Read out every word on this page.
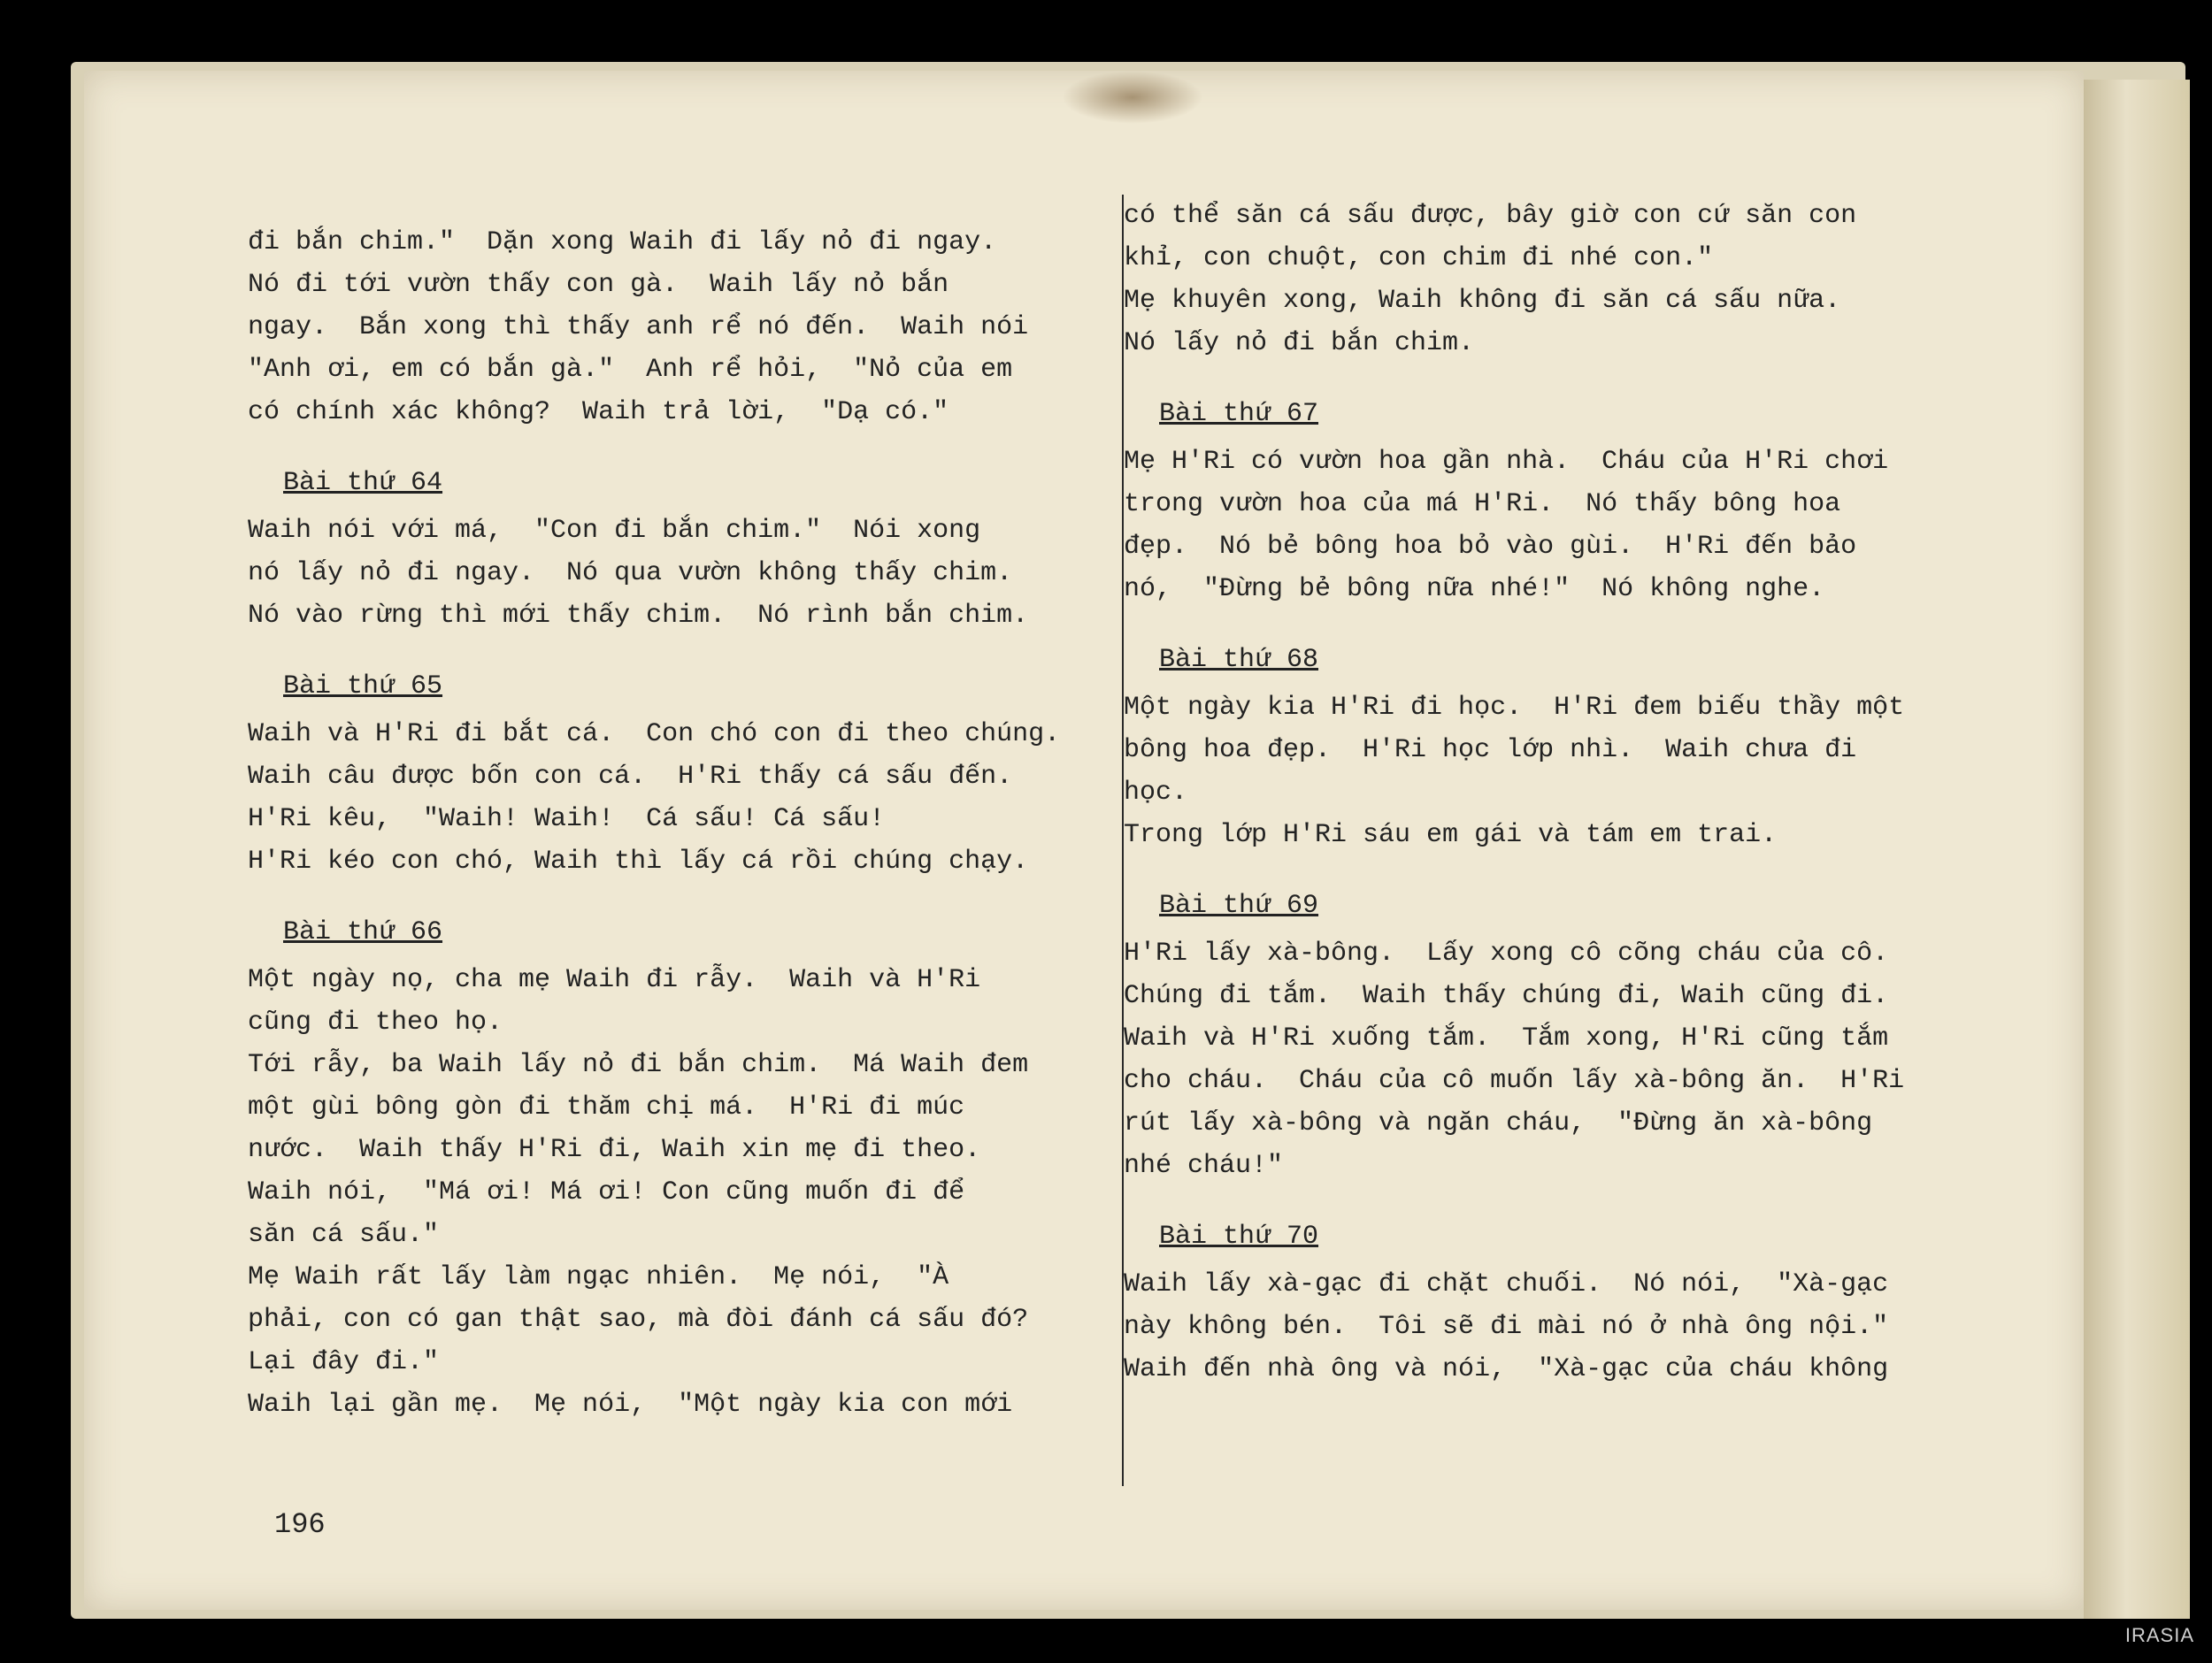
đi bắn chim."  Dặn xong Waih đi lấy nỏ đi ngay.
Nó đi tới vườn thấy con gà.  Waih lấy nỏ bắn
ngay.  Bắn xong thì thấy anh rể nó đến.  Waih nói
"Anh ơi, em có bắn gà."  Anh rể hỏi,  "Nỏ của em
có chính xác không?  Waih trả lời,  "Dạ có."
Bài thứ 64
Waih nói với má,  "Con đi bắn chim."  Nói xong
nó lấy nỏ đi ngay.  Nó qua vườn không thấy chim.
Nó vào rừng thì mới thấy chim.  Nó rình bắn chim.
Bài thứ 65
Waih và H'Ri đi bắt cá.  Con chó con đi theo chúng.
Waih câu được bốn con cá.  H'Ri thấy cá sấu đến.
H'Ri kêu,  "Waih! Waih!  Cá sấu! Cá sấu!
H'Ri kéo con chó, Waih thì lấy cá rồi chúng chạy.
Bài thứ 66
Một ngày nọ, cha mẹ Waih đi rẫy.  Waih và H'Ri
cũng đi theo họ.
Tới rẫy, ba Waih lấy nỏ đi bắn chim.  Má Waih đem
một gùi bông gòn đi thăm chị má.  H'Ri đi múc
nước.  Waih thấy H'Ri đi, Waih xin mẹ đi theo.
Waih nói,  "Má ơi! Má ơi! Con cũng muốn đi để
săn cá sấu."
Mẹ Waih rất lấy làm ngạc nhiên.  Mẹ nói,  "À
phải, con có gan thật sao, mà đòi đánh cá sấu đó?
Lại đây đi."
Waih lại gần mẹ.  Mẹ nói,  "Một ngày kia con mới
có thể săn cá sấu được, bây giờ con cứ săn con
khỉ, con chuột, con chim đi nhé con."
Mẹ khuyên xong, Waih không đi săn cá sấu nữa.
Nó lấy nỏ đi bắn chim.
Bài thứ 67
Mẹ H'Ri có vườn hoa gần nhà.  Cháu của H'Ri chơi
trong vườn hoa của má H'Ri.  Nó thấy bông hoa
đẹp.  Nó bẻ bông hoa bỏ vào gùi.  H'Ri đến bảo
nó,  "Đừng bẻ bông nữa nhé!"  Nó không nghe.
Bài thứ 68
Một ngày kia H'Ri đi học.  H'Ri đem biếu thầy một
bông hoa đẹp.  H'Ri học lớp nhì.  Waih chưa đi
học.
Trong lớp H'Ri sáu em gái và tám em trai.
Bài thứ 69
H'Ri lấy xà-bông.  Lấy xong cô cõng cháu của cô.
Chúng đi tắm.  Waih thấy chúng đi, Waih cũng đi.
Waih và H'Ri xuống tắm.  Tắm xong, H'Ri cũng tắm
cho cháu.  Cháu của cô muốn lấy xà-bông ăn.  H'Ri
rút lấy xà-bông và ngăn cháu,  "Đừng ăn xà-bông
nhé cháu!"
Bài thứ 70
Waih lấy xà-gạc đi chặt chuối.  Nó nói,  "Xà-gạc
này không bén.  Tôi sẽ đi mài nó ở nhà ông nội."
Waih đến nhà ông và nói,  "Xà-gạc của cháu không
196
IRASIA
